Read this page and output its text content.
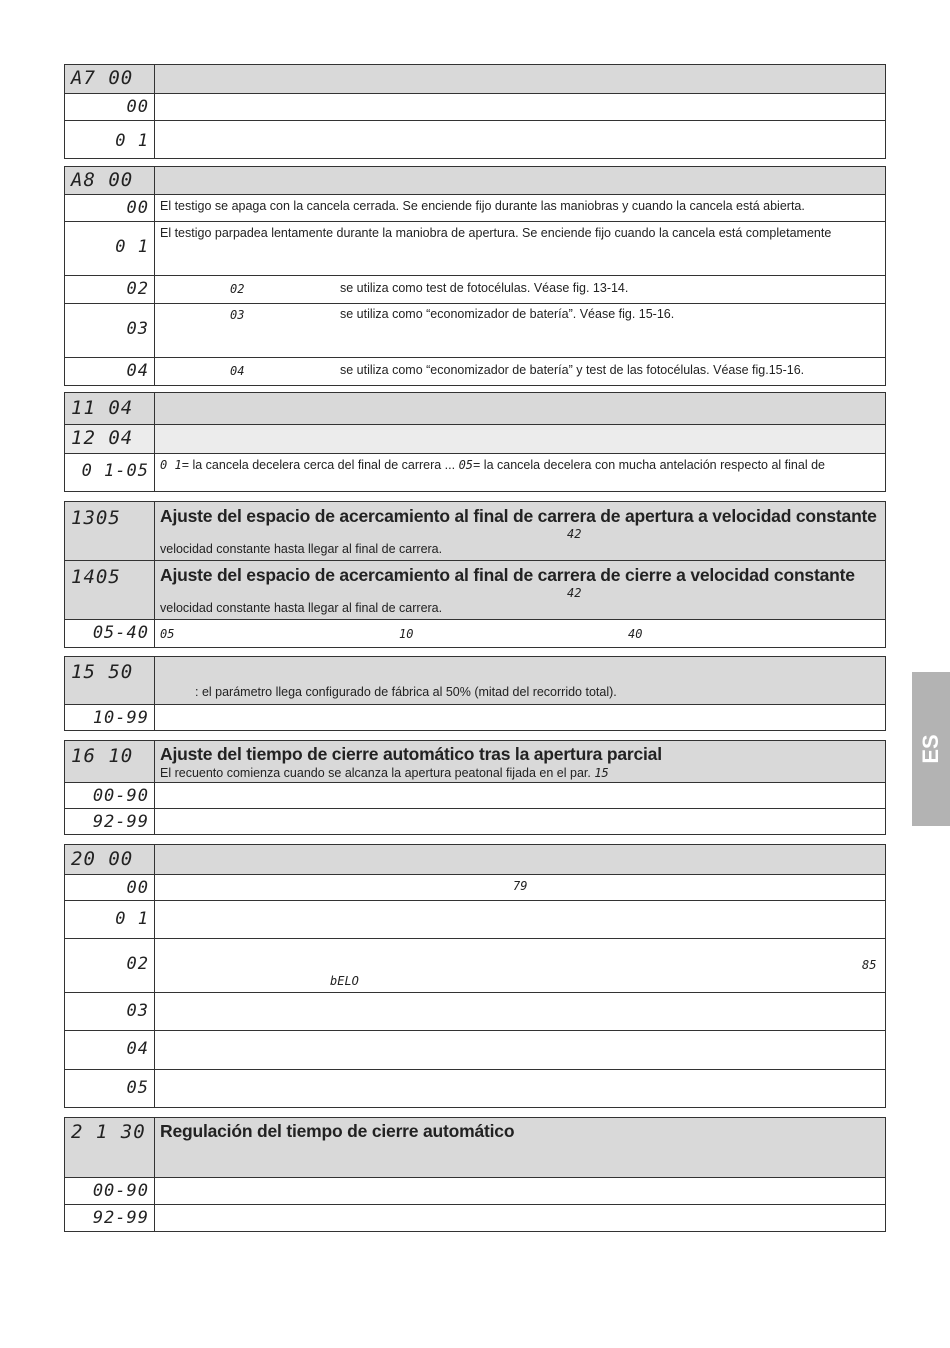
A7 00	
00	
0 1	
A8 00	
00	El testigo se apaga con la cancela cerrada. Se enciende fijo durante las maniobras y cuando la cancela está abierta.
0 1	El testigo parpadea lentamente durante la maniobra de apertura. Se enciende fijo cuando la cancela está completamente
02	02 se utiliza como test de fotocélulas. Véase fig. 13-14.

03	03 se utiliza como “economizador de batería”. Véase fig. 15-16.

04	04 se utiliza como “economizador de batería” y test de las fotocélulas. Véase fig.15-16.
11 04	
12 04	
0 1-05	0 1= la cancela decelera cerca del final de carrera ... 05= la cancela decelera con mucha antelación respecto al final de
1305	Ajuste del espacio de acercamiento al final de carrera de apertura a velocidad constante
42
velocidad constante hasta llegar al final de carrera.

1405	Ajuste del espacio de acercamiento al final de carrera de cierre a velocidad constante
42
velocidad constante hasta llegar al final de carrera.

05-40	05 10 40
15 50	: el parámetro llega configurado de fábrica al 50% (mitad del recorrido total).

10-99	
16 10	Ajuste del tiempo de cierre automático tras la apertura parcial
El recuento comienza cuando se alcanza la apertura peatonal fijada en el par. 15

00-90	
92-99	
20 00	
00	79

0 1	
02	85
bELO

03	
04	
05	
2 1 30	Regulación del tiempo de cierre automático
00-90	
92-99	
ES
